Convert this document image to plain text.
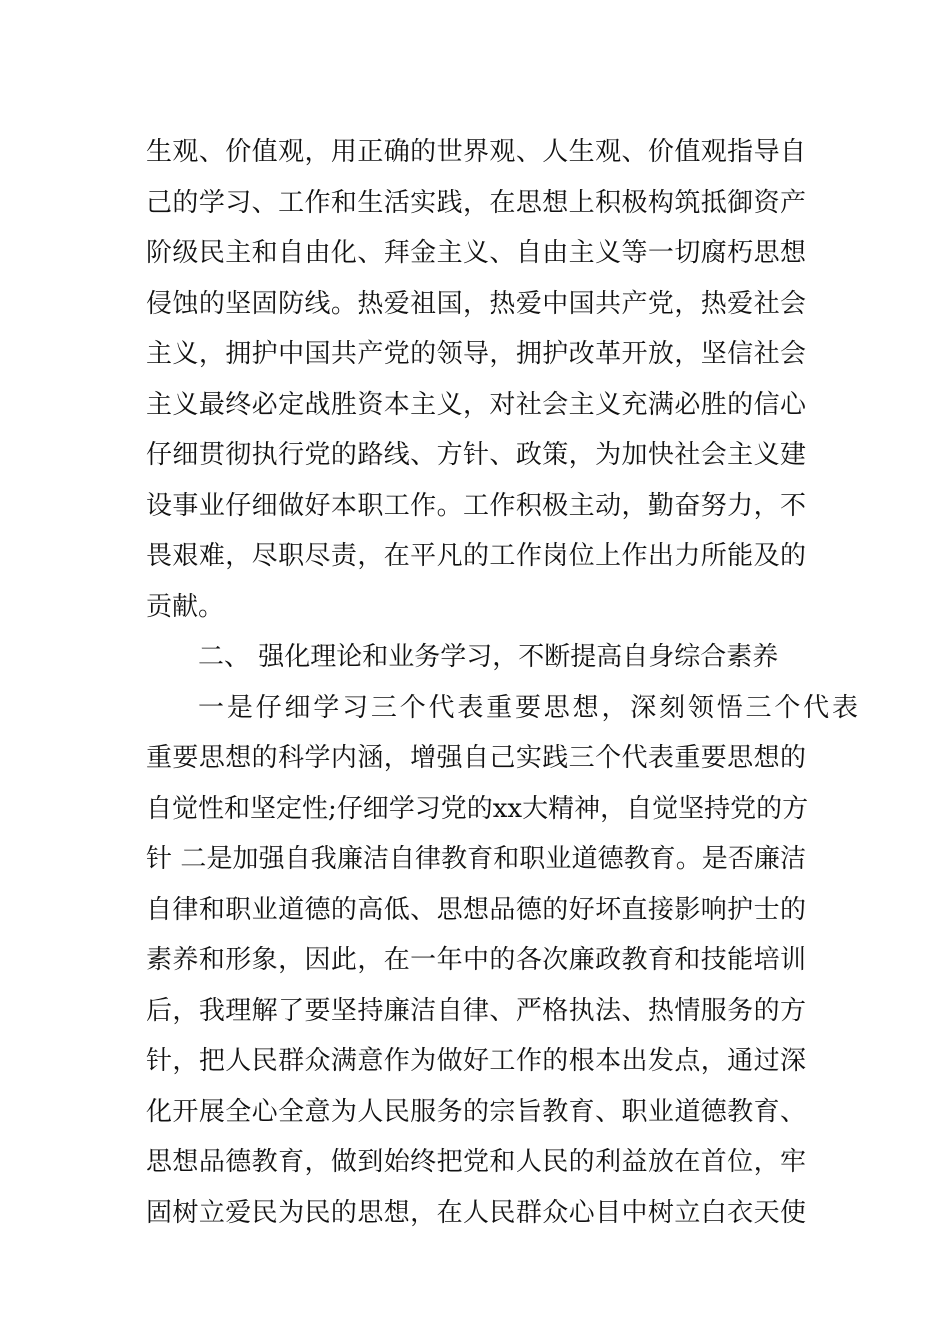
生观、价值观，用正确的世界观、人生观、价值观指导自
己的学习、工作和生活实践，在思想上积极构筑抵御资产
阶级民主和自由化、拜金主义、自由主义等一切腐朽思想
侵蚀的坚固防线。热爱祖国，热爱中国共产党，热爱社会
主义，拥护中国共产党的领导，拥护改革开放，坚信社会
主义最终必定战胜资本主义，对社会主义充满必胜的信心
仔细贯彻执行党的路线、方针、政策，为加快社会主义建
设事业仔细做好本职工作。工作积极主动，勤奋努力，不
畏艰难，尽职尽责，在平凡的工作岗位上作出力所能及的
贡献。
二、 强化理论和业务学习，不断提高自身综合素养
一是仔细学习三个代表重要思想，深刻领悟三个代表
重要思想的科学内涵，增强自己实践三个代表重要思想的
自觉性和坚定性;仔细学习党的xx大精神，自觉坚持党的方
针 二是加强自我廉洁自律教育和职业道德教育。是否廉洁
自律和职业道德的高低、思想品德的好坏直接影响护士的
素养和形象，因此，在一年中的各次廉政教育和技能培训
后，我理解了要坚持廉洁自律、严格执法、热情服务的方
针，把人民群众满意作为做好工作的根本出发点，通过深
化开展全心全意为人民服务的宗旨教育、职业道德教育、
思想品德教育，做到始终把党和人民的利益放在首位，牢
固树立爱民为民的思想，在人民群众心目中树立白衣天使
